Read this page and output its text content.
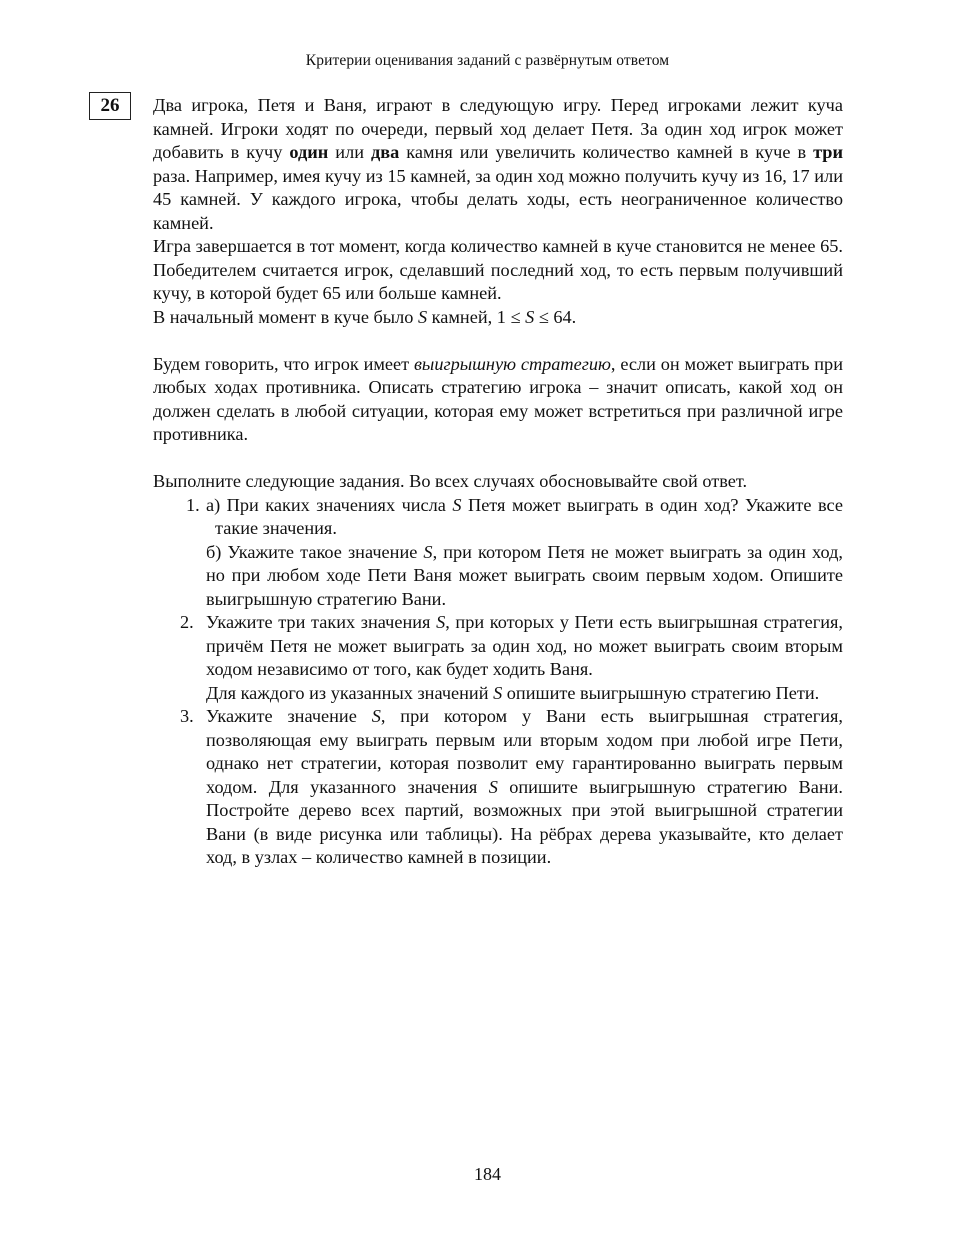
Критерии оценивания заданий с развёрнутым ответом
26	Два игрока, Петя и Ваня, играют в следующую игру. Перед игроками лежит куча камней. Игроки ходят по очереди, первый ход делает Петя. За один ход игрок может добавить в кучу один или два камня или увеличить количество камней в куче в три раза. Например, имея кучу из 15 камней, за один ход можно получить кучу из 16, 17 или 45 камней. У каждого игрока, чтобы делать ходы, есть неограниченное количество камней.

Игра завершается в тот момент, когда количество камней в куче становится не менее 65. Победителем считается игрок, сделавший последний ход, то есть первым получивший кучу, в которой будет 65 или больше камней.

В начальный момент в куче было S камней, 1 ≤ S ≤ 64.

Будем говорить, что игрок имеет выигрышную стратегию, если он может выиграть при любых ходах противника. Описать стратегию игрока – значит описать, какой ход он должен сделать в любой ситуации, которая ему может встретиться при различной игре противника.

Выполните следующие задания. Во всех случаях обосновывайте свой ответ.

1. а) При каких значениях числа S Петя может выиграть в один ход? Укажите все такие значения.

б) Укажите такое значение S, при котором Петя не может выиграть за один ход, но при любом ходе Пети Ваня может выиграть своим первым ходом. Опишите выигрышную стратегию Вани.

2. Укажите три таких значения S, при которых у Пети есть выигрышная стратегия, причём Петя не может выиграть за один ход, но может выиграть своим вторым ходом независимо от того, как будет ходить Ваня.

Для каждого из указанных значений S опишите выигрышную стратегию Пети.

3. Укажите значение S, при котором у Вани есть выигрышная стратегия, позволяющая ему выиграть первым или вторым ходом при любой игре Пети, однако нет стратегии, которая позволит ему гарантированно выиграть первым ходом. Для указанного значения S опишите выигрышную стратегию Вани. Постройте дерево всех партий, возможных при этой выигрышной стратегии Вани (в виде рисунка или таблицы). На рёбрах дерева указывайте, кто делает ход, в узлах – количество камней в позиции.

184
